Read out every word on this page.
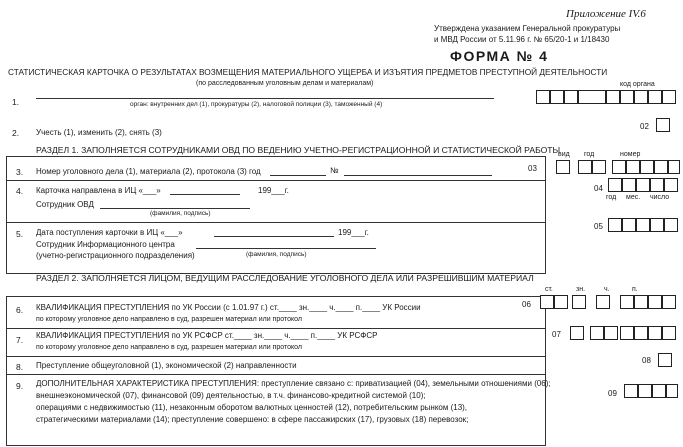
Приложение IV.6
Утверждена указанием Генеральной прокуратуры
и МВД России от 5.11.96 г. № 65/20-1 и 1/18430
ФОРМА № 4
СТАТИСТИЧЕСКАЯ КАРТОЧКА О РЕЗУЛЬТАТАХ ВОЗМЕЩЕНИЯ МАТЕРИАЛЬНОГО УЩЕРБА И ИЗЪЯТИЯ ПРЕДМЕТОВ ПРЕСТУПНОЙ ДЕЯТЕЛЬНОСТИ
(по расследованным уголовным делам и материалам)
1.	орган: внутренних дел (1), прокуратуры (2), налоговой полиции (3), таможенный (4)
код органа
2. Учесть (1), изменить (2), снять (3)
02
РАЗДЕЛ 1. ЗАПОЛНЯЕТСЯ СОТРУДНИКАМИ ОВД ПО ВЕДЕНИЮ УЧЕТНО-РЕГИСТРАЦИОННОЙ И СТАТИСТИЧЕСКОЙ РАБОТЫ
вид год	номер
3. Номер уголовного дела (1), материала (2), протокола (3) год	№	03
4. Карточка направлена в ИЦ «___»	199___г.
Сотрудник ОВД
(фамилия, подпись)
04
год мес. число
5. Дата поступления карточки в ИЦ «___»	199___г.
Сотрудник Информационного центра
(учетно-регистрационного подразделения)	(фамилия, подпись)
05
РАЗДЕЛ 2. ЗАПОЛНЯЕТСЯ ЛИЦОМ, ВЕДУЩИМ РАССЛЕДОВАНИЕ УГОЛОВНОГО ДЕЛА ИЛИ РАЗРЕШИВШИМ МАТЕРИАЛ
ст.	зн.	ч.	п.
6. КВАЛИФИКАЦИЯ ПРЕСТУПЛЕНИЯ по УК России (с 1.01.97 г.) ст.____ зн.____ ч.____ п.____ УК России
по которому уголовное дело направлено в суд, разрешен материал или протокол
06
7. КВАЛИФИКАЦИЯ ПРЕСТУПЛЕНИЯ по УК РСФСР ст.____ зн.____ ч.____ п.____ УК РСФСР
по которому уголовное дело направлено в суд, разрешен материал или протокол
07
8. Преступление общеуголовной (1), экономической (2) направленности
08
9. ДОПОЛНИТЕЛЬНАЯ ХАРАКТЕРИСТИКА ПРЕСТУПЛЕНИЯ: преступление связано с: приватизацией (04), земельными отношениями (06);
внешнеэкономической (07), финансовой (09) деятельностью, в т.ч. финансово-кредитной системой (10);
операциями с недвижимостью (11), незаконным оборотом валютных ценностей (12), потребительским рынком (13),
стратегическими материалами (14); преступление совершено: в сфере пассажирских (17), грузовых (18) перевозок;
09
